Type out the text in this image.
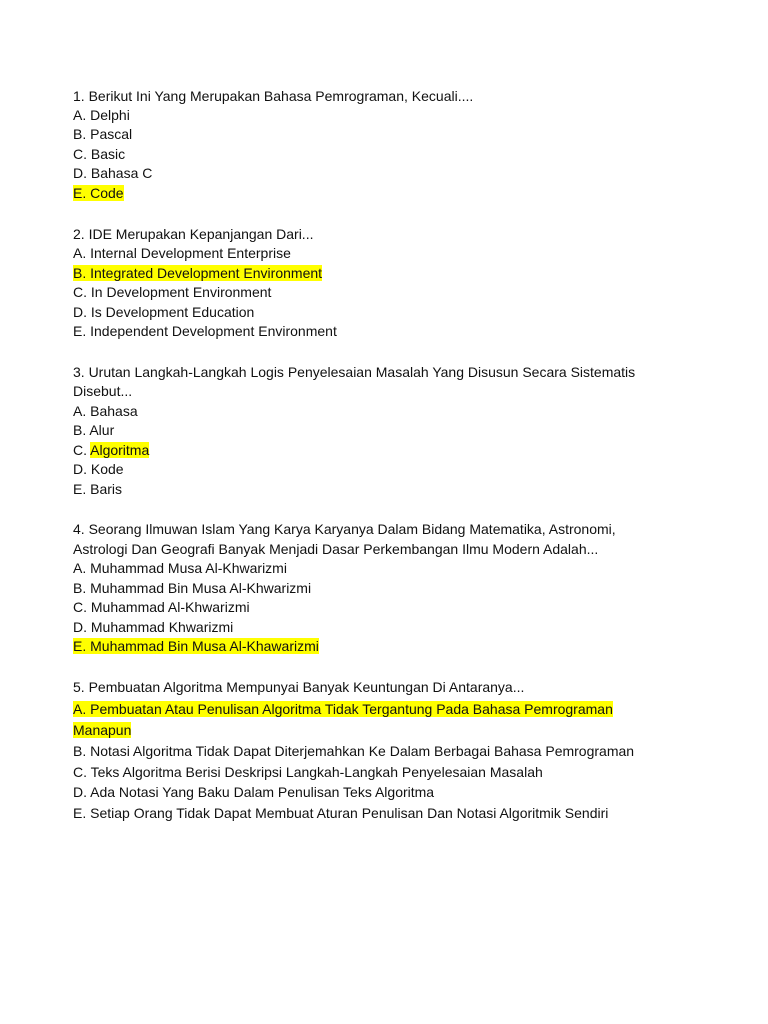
1. Berikut Ini Yang Merupakan Bahasa Pemrograman, Kecuali....
A. Delphi
B. Pascal
C. Basic
D. Bahasa C
E. Code
2. IDE Merupakan Kepanjangan Dari...
A. Internal Development Enterprise
B. Integrated Development Environment
C. In Development Environment
D. Is Development Education
E. Independent Development Environment
3. Urutan Langkah-Langkah Logis Penyelesaian Masalah Yang Disusun Secara Sistematis
Disebut...
A. Bahasa
B. Alur
C. Algoritma
D. Kode
E. Baris
4. Seorang Ilmuwan Islam Yang Karya Karyanya Dalam Bidang Matematika, Astronomi,
Astrologi Dan Geografi Banyak Menjadi Dasar Perkembangan Ilmu Modern Adalah...
A. Muhammad Musa Al-Khwarizmi
B. Muhammad Bin Musa Al-Khwarizmi
C. Muhammad Al-Khwarizmi
D. Muhammad Khwarizmi
E. Muhammad Bin Musa Al-Khawarizmi
5. Pembuatan Algoritma Mempunyai Banyak Keuntungan Di Antaranya...
A. Pembuatan Atau Penulisan Algoritma Tidak Tergantung Pada Bahasa Pemrograman
Manapun
B. Notasi Algoritma Tidak Dapat Diterjemahkan Ke Dalam Berbagai Bahasa Pemrograman
C. Teks Algoritma Berisi Deskripsi Langkah-Langkah Penyelesaian Masalah
D. Ada Notasi Yang Baku Dalam Penulisan Teks Algoritma
E. Setiap Orang Tidak Dapat Membuat Aturan Penulisan Dan Notasi Algoritmik Sendiri
